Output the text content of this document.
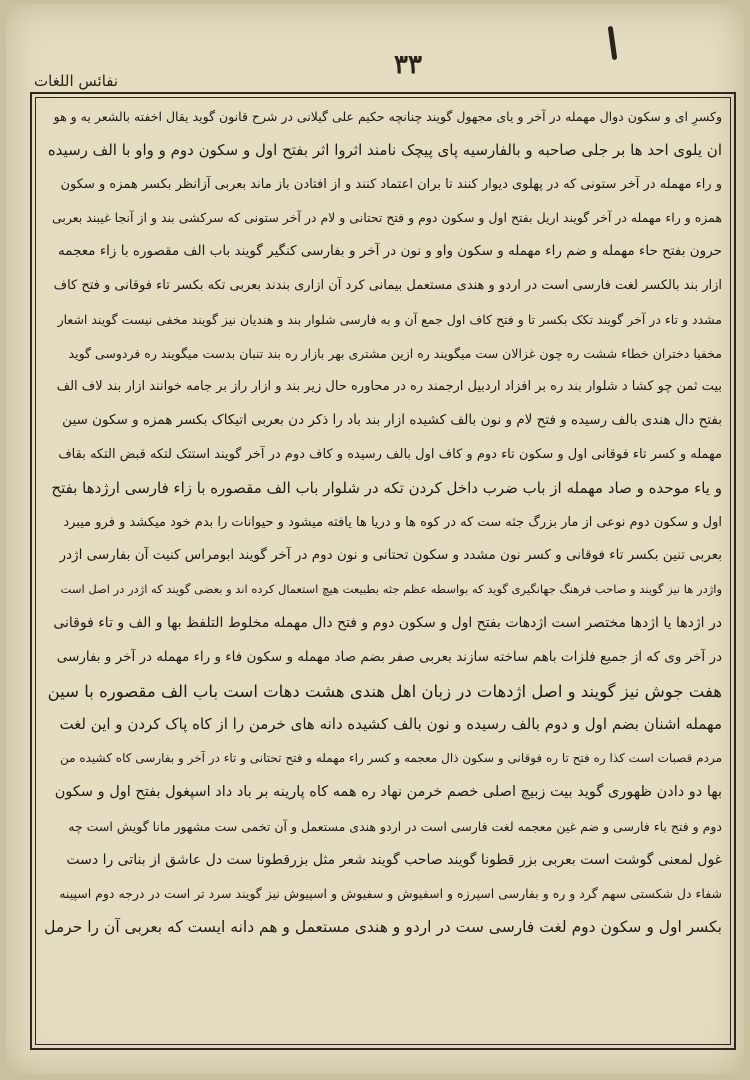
۳۳
نفائس اللغات
وکسرِ ای و سکون دوال مهمله در آخر و یای مجهول گویند چنانچه حکیم علی گیلانی در شرح قانون گوید یقال اخفته بالشعر یه و هو
ان یلوی احد ها بر جلی صاحبه و بالفارسیه پای پیچک نامند اثروا اثر بفتح اول و سکون دوم و واو با الف رسیده
و راء مهمله در آخر ستونی که در پهلوی دیوار کنند تا بران اعتماد کنند و از افتادن باز ماند بعربی آزانظر بکسر همزه و سکون
همزه و راء مهمله در آخر گویند اریل بفتح اول و سکون دوم و فتح تحتانی و لام در آخر ستونی که سرکشی بند و از آنجا غیبند بعربی
حرون بفتح حاء مهمله و ضم راء مهمله و سکون واو و نون در آخر و بفارسی کنگیر گویند باب الف مقصوره با زاء معجمه
ازار بند بالکسر لغت فارسی است در اردو و هندی مستعمل بیمانی کرد آن ازاری بندند بعربی تکه بکسر تاء فوقانی و فتح کاف
مشدد و تاء در آخر گویند تکک بکسر تا و فتح کاف اول جمع آن و به فارسی شلوار بند و هندیان نیز گویند مخفی نیست گویند اشعار
مخفیا دختران خطاء ششت ره چون غزالان ست میگویند ره ازین مشتری بهر بازار ره بند تنبان بدست میگویند ره فردوسی گوید
بیت ثمن چو کشا د شلوار بند ره بر افزاد اردبیل ارجمند ره در محاوره حال زیر بند و ازار راز بر جامه خوانند ازار بند لاف الف
بفتح دال هندی بالف رسیده و فتح لام و نون بالف کشیده ازار بند باد را ذکر دن بعربی اتیکاک بکسر همزه و سکون سین
مهمله و کسر تاء فوقانی اول و سکون تاء دوم و کاف اول بالف رسیده و کاف دوم در آخر گویند استتک لتکه قبض التکه بقاف
و یاء موحده و صاد مهمله از باب ضرب داخل کردن تکه در شلوار باب الف مقصوره با زاء فارسی ارژدها بفتح
اول و سکون دوم نوعی از مار بزرگ جثه ست که در کوه ها و دریا ها یافته میشود و حیوانات را بدم خود میکشد و فرو میبرد
بعربی تنین بکسر تاء فوقانی و کسر نون مشدد و سکون تحتانی و نون دوم در آخر گویند ابومراس کنیت آن بفارسی اژدر
واژدر ها نیز گویند و صاحب فرهنگ جهانگیری گوید که بواسطه عظم جثه بطبیعت هیچ استعمال کرده اند و بعضی گویند که اژدر در اصل است
در اژدها یا اژدها مختصر است اژدهات بفتح اول و سکون دوم و فتح دال مهمله مخلوط التلفظ بها و الف و تاء فوقانی
در آخر وی که از جمیع فلزات باهم ساخته سازند بعربی صفر بضم صاد مهمله و سکون فاء و راء مهمله در آخر و بفارسی
هفت جوش نیز گویند و اصل اژدهات در زبان اهل هندی هشت دهات است باب الف مقصوره با سین
مهمله اشنان بضم اول و دوم بالف رسیده و نون بالف کشیده دانه های خرمن را از کاه پاک کردن و این لغت
مردم قصبات است کذا ره فتح تا ره فوقانی و سکون ذال معجمه و کسر راء مهمله و فتح تحتانی و تاء در آخر و بفارسی کاه کشیده من
بها دو دادن ظهوری گوید بیت زبیچ اصلی خصم خرمن نهاد ره همه کاه پارینه بر باد داد اسپغول بفتح اول و سکون
دوم و فتح باء فارسی و ضم غین معجمه لغت فارسی است در اردو هندی مستعمل و آن تخمی ست مشهور مانا گویش است چه
غول لمعنی گوشت است بعربی بزر قطونا گویند صاحب گویند شعر مثل بزرقطونا ست دل عاشق از بناتی را دست
شفاء دل شکستی سهم گرد و ره و بفارسی اسپرزه و اسفیوش و سفیوش و اسپیوش نیز گویند سرد تر است در درجه دوم اسپینه
بکسر اول و سکون دوم لغت فارسی ست در اردو و هندی مستعمل و هم دانه ایست که بعربی آن را حرمل
